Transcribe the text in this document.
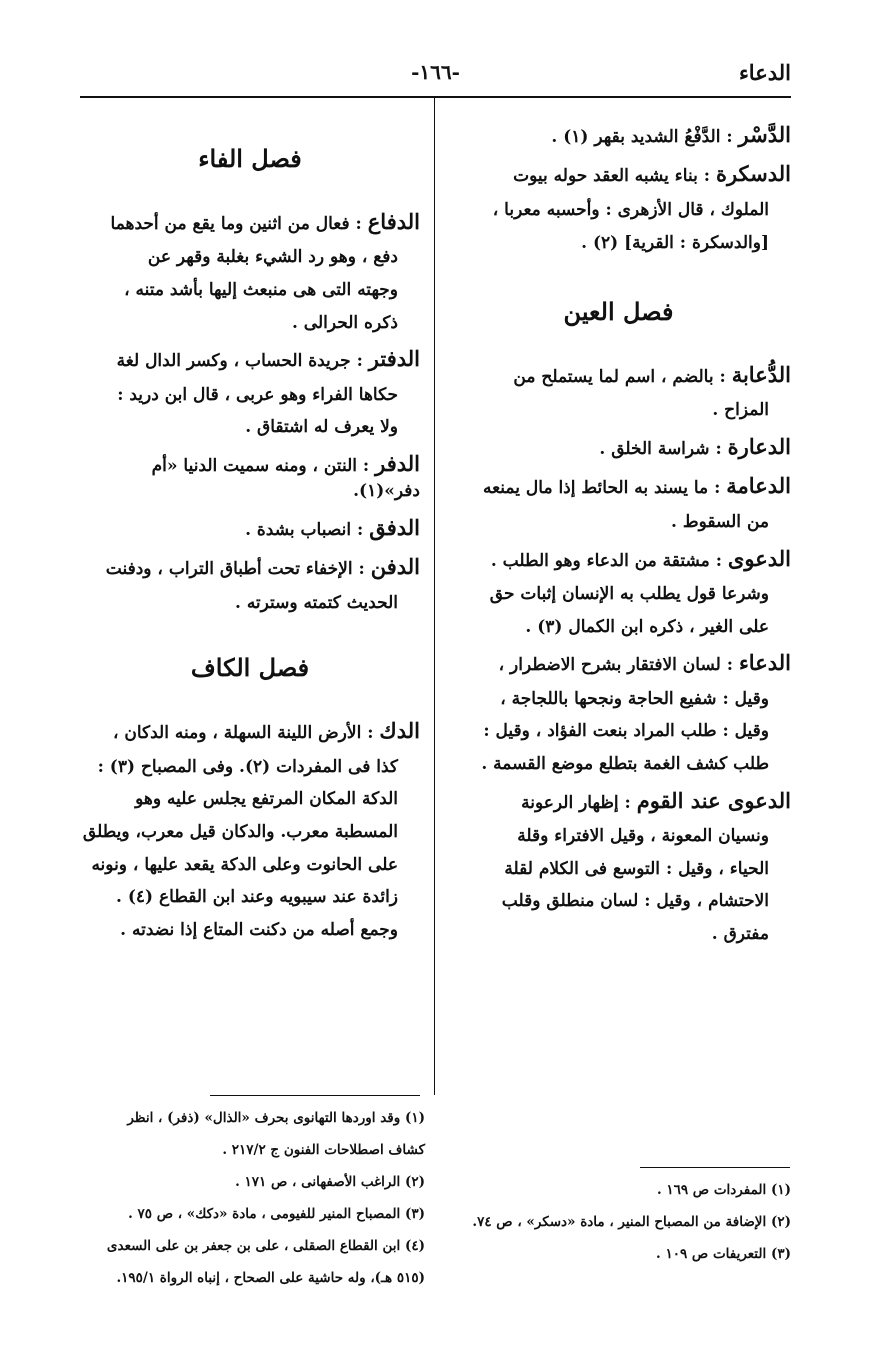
الدعاء
-١٦٦-
الدَّسْر : الدَّفْعُ الشديد بقهر (١) .
الدسكرة : بناء يشبه العقد حوله بيوت
الملوك ، قال الأزهرى : وأحسبه معربا ،
[والدسكرة : القرية] (٢) .
فصل العين
الدُّعابة : بالضم ، اسم لما يستملح من
المزاح .
الدعارة : شراسة الخلق .
الدعامة : ما يسند به الحائط إذا مال يمنعه
من السقوط .
الدعوى : مشتقة من الدعاء وهو الطلب .
وشرعا قول يطلب به الإنسان إثبات حق
على الغير ، ذكره ابن الكمال (٣) .
الدعاء : لسان الافتقار بشرح الاضطرار ،
وقيل : شفيع الحاجة ونجحها باللجاجة ،
وقيل : طلب المراد بنعت الفؤاد ، وقيل :
طلب كشف الغمة بتطلع موضع القسمة .
الدعوى عند القوم : إظهار الرعونة
ونسيان المعونة ، وقيل الافتراء وقلة
الحياء ، وقيل : التوسع فى الكلام لقلة
الاحتشام ، وقيل : لسان منطلق وقلب
مفترق .
فصل الفاء
الدفاع : فعال من اثنين وما يقع من أحدهما
دفع ، وهو رد الشيء بغلبة وقهر عن
وجهته التى هى منبعث إليها بأشد متنه ،
ذكره الحرالى .
الدفتر : جريدة الحساب ، وكسر الدال لغة
حكاها الفراء وهو عربى ، قال ابن دريد :
ولا يعرف له اشتقاق .
الدفر : النتن ، ومنه سميت الدنيا «أم دفر»(١).
الدفق : انصباب بشدة .
الدفن : الإخفاء تحت أطباق التراب ، ودفنت
الحديث كتمته وسترته .
فصل الكاف
الدك : الأرض اللينة السهلة ، ومنه الدكان ،
كذا فى المفردات (٢). وفى المصباح (٣) :
الدكة المكان المرتفع يجلس عليه وهو
المسطبة معرب. والدكان قيل معرب، ويطلق
على الحانوت وعلى الدكة يقعد عليها ، ونونه
زائدة عند سيبويه وعند ابن القطاع (٤) .
وجمع أصله من دكنت المتاع إذا نضدته .
(١) وقد اوردها التهانوى بحرف «الذال» (ذفر) ، انظر
كشاف اصطلاحات الفنون ج ٢١٧/٢ .
(٢) الراغب الأصفهانى ، ص ١٧١ .
(٣) المصباح المنير للفيومى ، مادة «دكك» ، ص ٧٥ .
(٤) ابن القطاع الصقلى ، على بن جعفر بن على السعدى
(٥١٥ هـ)، وله حاشية على الصحاح ، إنباه الرواة ١٩٥/١.
(١) المفردات ص ١٦٩ .
(٢) الإضافة من المصباح المنير ، مادة «دسكر» ، ص ٧٤.
(٣) التعريفات ص ١٠٩ .
